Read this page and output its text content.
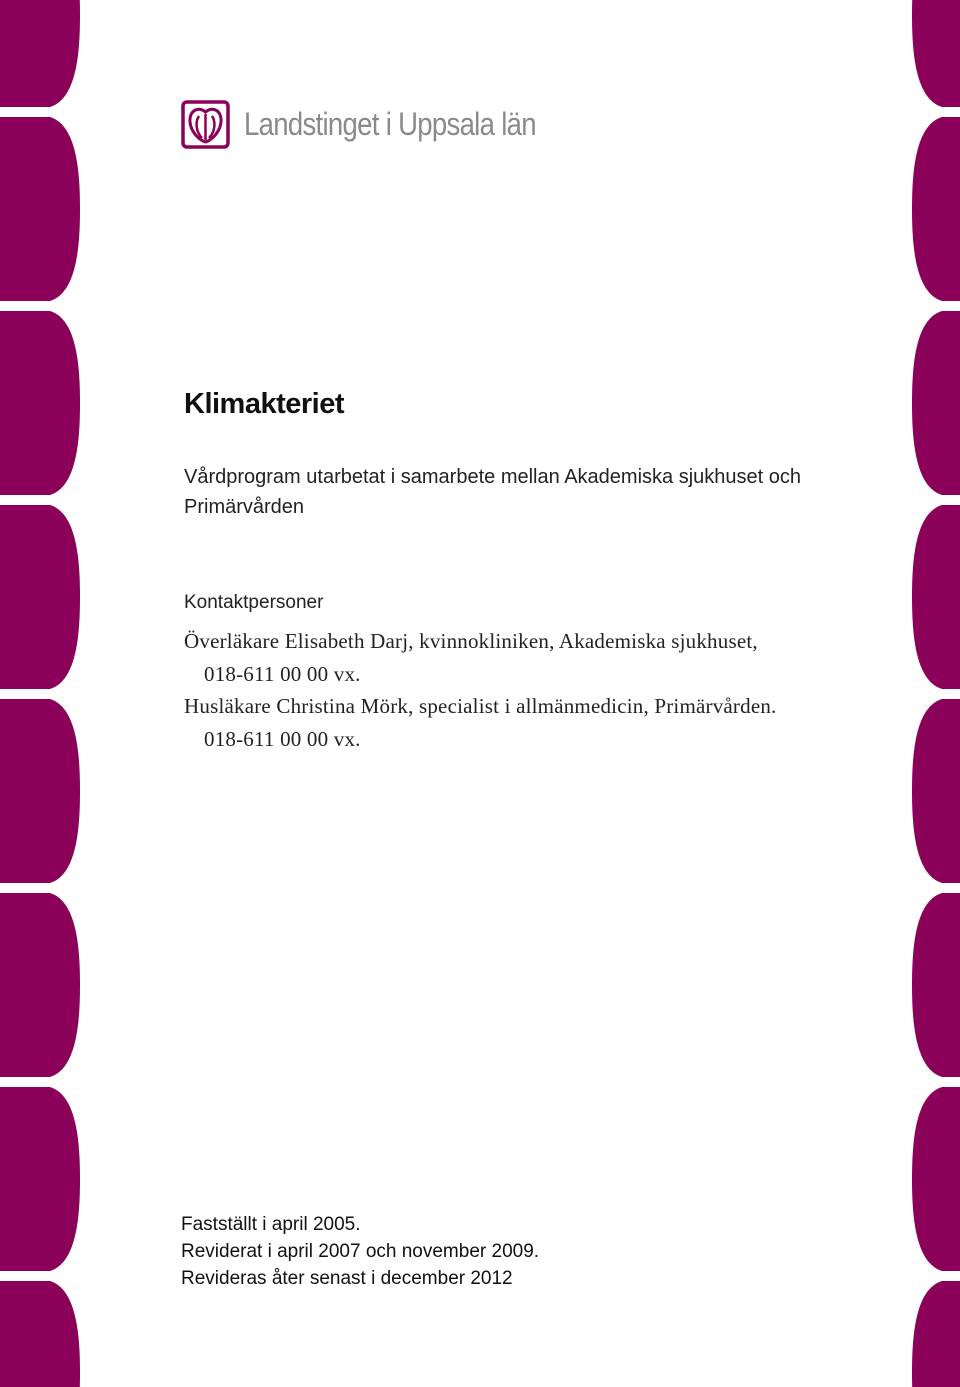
Landstinget i Uppsala län
Klimakteriet
Vårdprogram utarbetat i samarbete mellan Akademiska sjukhuset och Primärvården
Kontaktpersoner
Överläkare Elisabeth Darj, kvinnokliniken, Akademiska sjukhuset,
018-611 00 00 vx.
Husläkare Christina Mörk, specialist i allmänmedicin, Primärvården.
018-611 00 00 vx.
Fastställt i april 2005.
Reviderat i april 2007 och november 2009.
Revideras åter senast i december 2012
